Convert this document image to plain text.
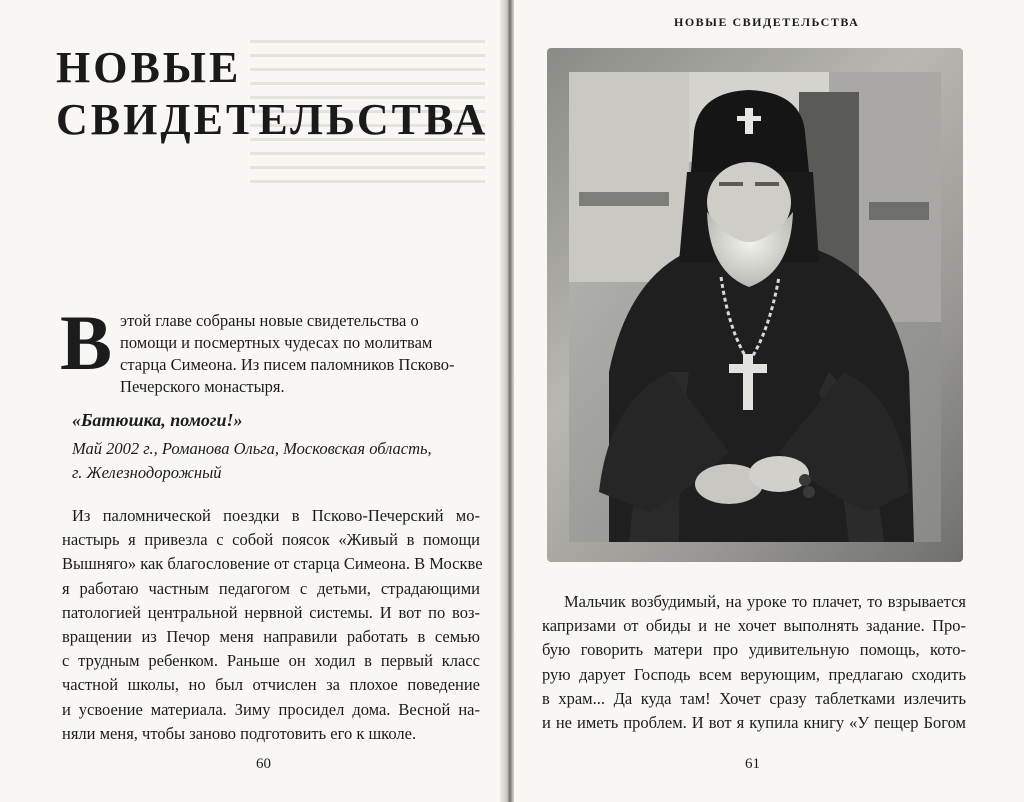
НОВЫЕ
СВИДЕТЕЛЬСТВА
В этой главе собраны новые свидетельства о помощи и посмертных чудесах по молитвам старца Симеона. Из писем паломников Псково-Печерского монастыря.
«Батюшка, помоги!»
Май 2002 г., Романова Ольга, Московская область,
г. Железнодорожный
Из паломнической поездки в Псково-Печерский мо-
настырь я привезла с собой поясок «Живый в помощи
Вышняго» как благословение от старца Симеона. В Москве
я работаю частным педагогом с детьми, страдающими
патологией центральной нервной системы. И вот по воз-
вращении из Печор меня направили работать в семью
с трудным ребенком. Раньше он ходил в первый класс
частной школы, но был отчислен за плохое поведение
и усвоение материала. Зиму просидел дома. Весной на-
няли меня, чтобы заново подготовить его к школе.
60
НОВЫЕ СВИДЕТЕЛЬСТВА
Мальчик возбудимый, на уроке то плачет, то взрывается
капризами от обиды и не хочет выполнять задание. Про-
бую говорить матери про удивительную помощь, кото-
рую дарует Господь всем верующим, предлагаю сходить
в храм... Да куда там! Хочет сразу таблетками излечить
и не иметь проблем. И вот я купила книгу «У пещер Богом
61
